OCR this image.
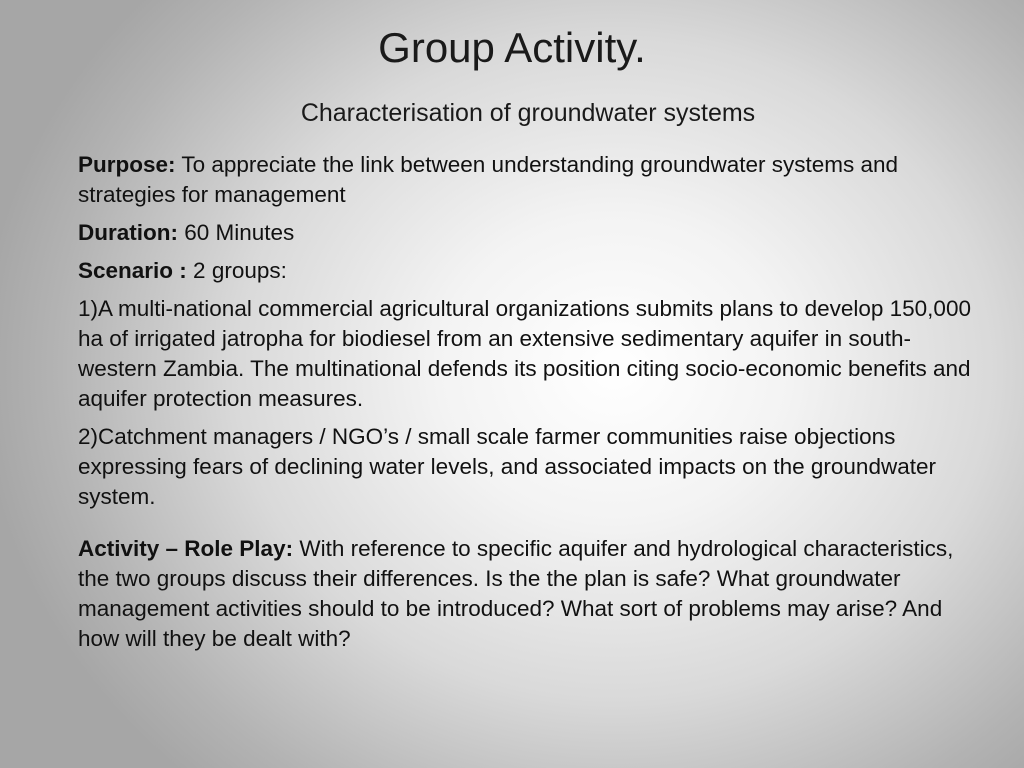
Group Activity.
Characterisation of groundwater systems

Purpose: To appreciate the link between understanding groundwater systems and strategies for management

Duration: 60 Minutes

Scenario : 2 groups:

1)A multi-national commercial agricultural organizations submits plans to develop 150,000 ha of irrigated jatropha for biodiesel from an extensive sedimentary aquifer in south-western Zambia. The multinational defends its position citing socio-economic benefits and aquifer protection measures.

2)Catchment managers / NGO’s / small scale farmer communities raise objections expressing fears of declining water levels, and associated impacts on the groundwater system.

Activity – Role Play: With reference to specific aquifer and hydrological characteristics, the two groups discuss their differences. Is the the plan is safe? What groundwater management activities should to be introduced? What sort of problems may arise? And how will they be dealt with?
